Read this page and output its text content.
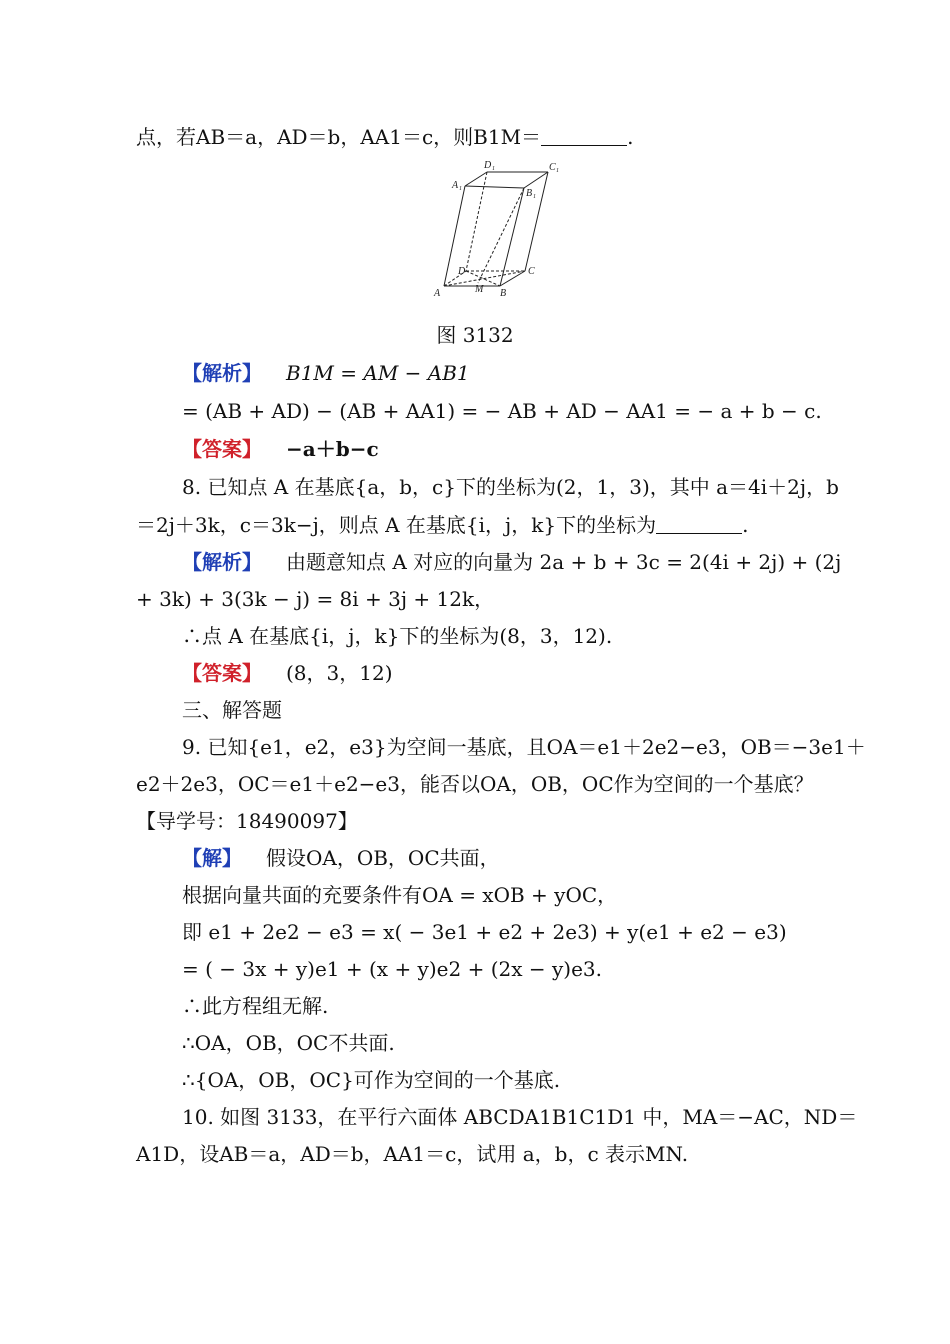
点，若AB＝a，AD＝b，AA1＝c，则B1M＝	.
D 1	C 1
A 1	B 1
D	C
A	M B
图 3132
【解析】 B1M = AM − AB1
= (AB + AD) − (AB + AA1) = − AB + AD − AA1 = − a + b − c.
【答案】 −a＋b−c
8. 已知点 A 在基底{a，b，c}下的坐标为(2，1，3)，其中 a＝4i＋2j，b
＝2j＋3k，c＝3k−j，则点 A 在基底{i，j，k}下的坐标为	.
【解析】 由题意知点 A 对应的向量为 2a + b + 3c = 2(4i + 2j) + (2j
+ 3k) + 3(3k − j) = 8i + 3j + 12k，
∴点 A 在基底{i，j，k}下的坐标为(8，3，12).
【答案】 (8，3，12)
三、解答题
9. 已知{e1，e2，e3}为空间一基底，且OA＝e1＋2e2−e3，OB＝−3e1＋
e2＋2e3，OC＝e1＋e2−e3，能否以OA，OB，OC作为空间的一个基底？
【导学号：18490097】
【解】 假设OA，OB，OC共面，
根据向量共面的充要条件有OA = xOB + yOC，
即 e1 + 2e2 − e3 = x( − 3e1 + e2 + 2e3) + y(e1 + e2 − e3)
= ( − 3x + y)e1 + (x + y)e2 + (2x − y)e3.
∴此方程组无解.
∴OA，OB，OC不共面.
∴{OA，OB，OC}可作为空间的一个基底.
10. 如图 3133，在平行六面体 ABCDA1B1C1D1 中，MA＝−AC，ND＝
A1D，设AB＝a，AD＝b，AA1＝c，试用 a，b，c 表示MN.
